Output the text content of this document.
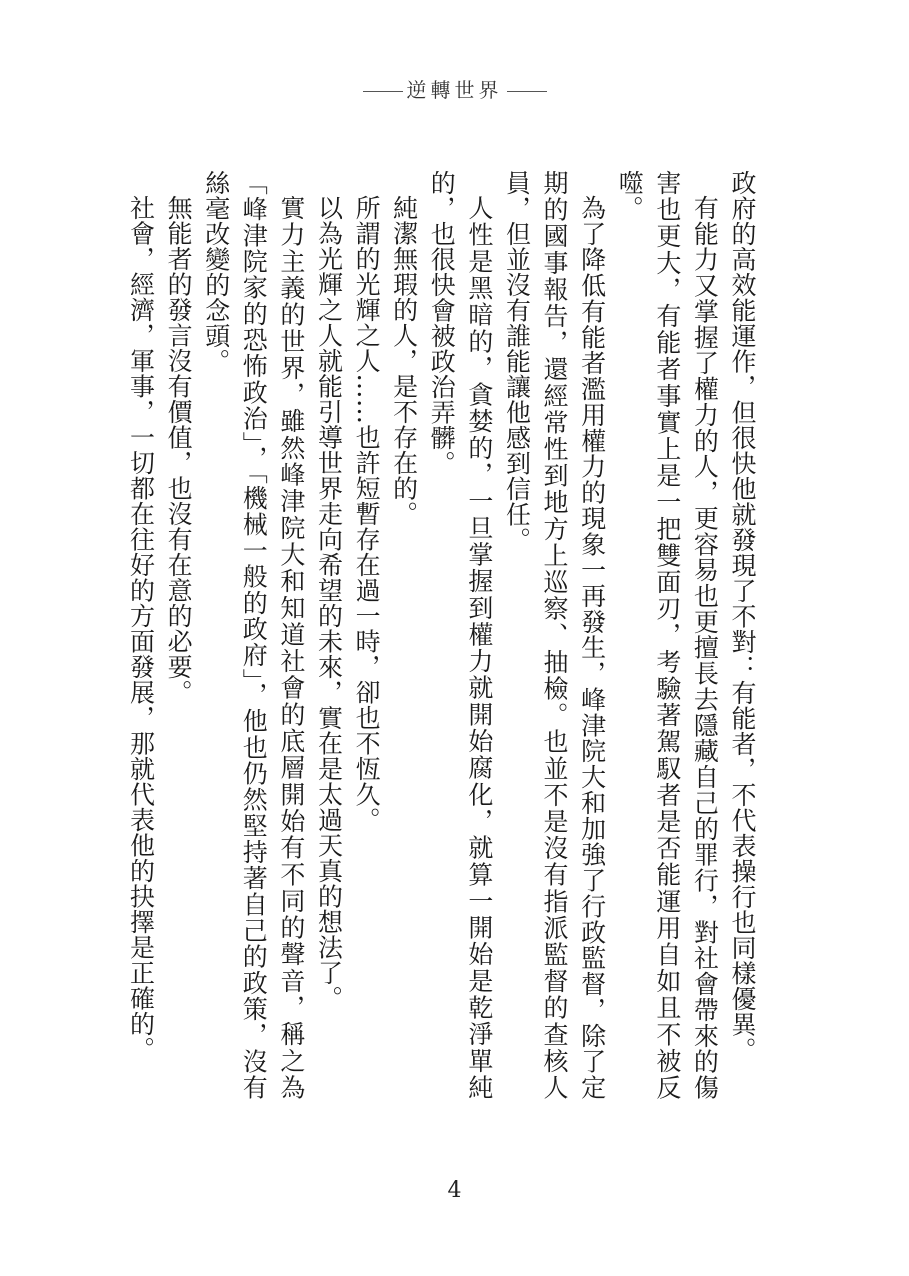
逆轉世界

政府的高效能運作，但很快他就發現了不對：有能者，不代表操行也同樣優異。

有能力又掌握了權力的人，更容易也更擅長去隱藏自己的罪行，對社會帶來的傷害也更大，有能者事實上是一把雙面刃，考驗著駕馭者是否能運用自如且不被反噬。

為了降低有能者濫用權力的現象一再發生，峰津院大和加強了行政監督，除了定期的國事報告，還經常性到地方上巡察、抽檢。也並不是沒有指派監督的查核人員，但並沒有誰能讓他感到信任。

人性是黑暗的，貪婪的，一旦掌握到權力就開始腐化，就算一開始是乾淨單純的，也很快會被政治弄髒。

純潔無瑕的人，是不存在的。

所謂的光輝之人……也許短暫存在過一時，卻也不恆久。

以為光輝之人就能引導世界走向希望的未來，實在是太過天真的想法了。

實力主義的世界，雖然峰津院大和知道社會的底層開始有不同的聲音，稱之為「峰津院家的恐怖政治」，「機械一般的政府」，他也仍然堅持著自己的政策，沒有絲毫改變的念頭。

無能者的發言沒有價值，也沒有在意的必要。

社會，經濟，軍事，一切都在往好的方面發展，那就代表他的抉擇是正確的。

4
